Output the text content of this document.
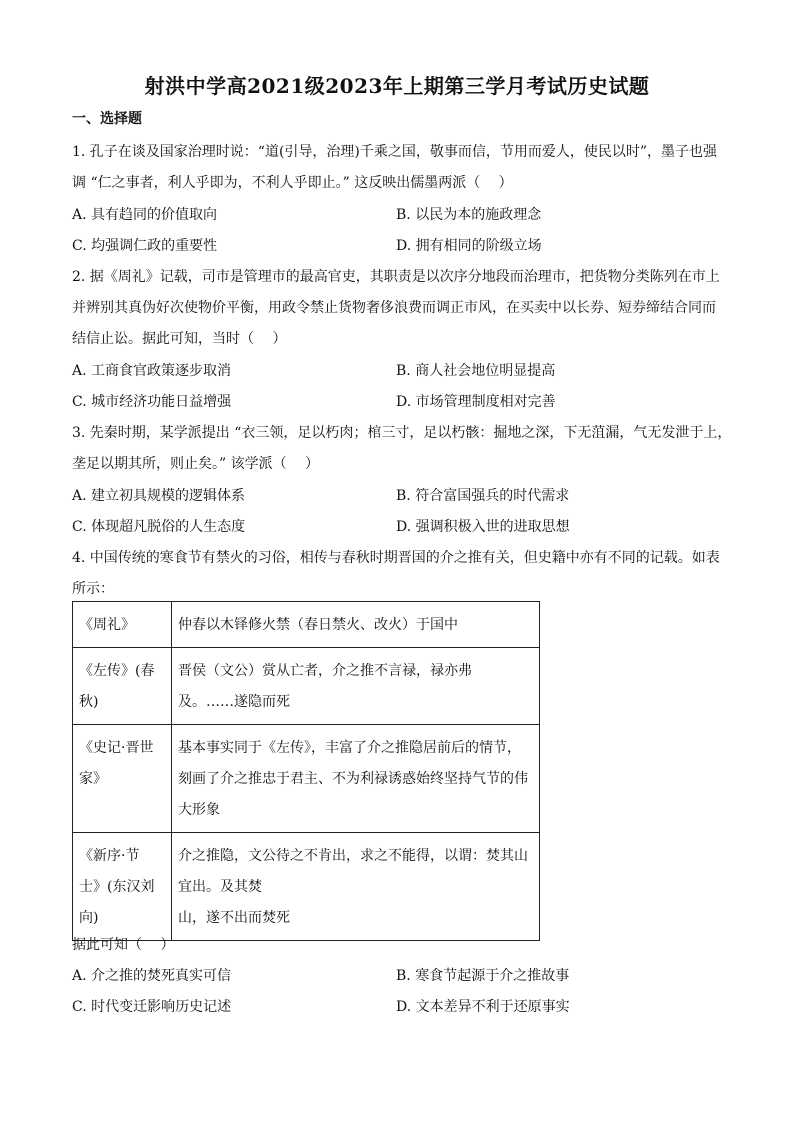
射洪中学高2021级2023年上期第三学月考试历史试题
一、选择题
1. 孔子在谈及国家治理时说：“道(引导，治理)千乘之国，敬事而信，节用而爱人，使民以时”，墨子也强
调 “仁之事者，利人乎即为，不利人乎即止。” 这反映出儒墨两派（　 ）
A. 具有趋同的价值取向	B. 以民为本的施政理念
C. 均强调仁政的重要性	D. 拥有相同的阶级立场
2. 据《周礼》记载，司市是管理市的最高官吏，其职责是以次序分地段而治理市，把货物分类陈列在市上
并辨别其真伪好次使物价平衡，用政令禁止货物奢侈浪费而调正市风，在买卖中以长券、短券缔结合同而
结信止讼。据此可知，当时（　 ）
A. 工商食官政策逐步取消	B. 商人社会地位明显提高
C. 城市经济功能日益增强	D. 市场管理制度相对完善
3. 先秦时期，某学派提出 “衣三领，足以朽肉；棺三寸，足以朽骸：掘地之深，下无菹漏，气无发泄于上，
垄足以期其所，则止矣。” 该学派（　 ）
A. 建立初具规模的逻辑体系	B. 符合富国强兵的时代需求
C. 体现超凡脱俗的人生态度	D. 强调积极入世的进取思想
4. 中国传统的寒食节有禁火的习俗，相传与春秋时期晋国的介之推有关，但史籍中亦有不同的记载。如表
所示：
《周礼》	仲春以木铎修火禁（春日禁火、改火）于国中

《左传》(春
秋)	晋侯（文公）赏从亡者，介之推不言禄，禄亦弗
及。……遂隐而死

《史记·晋世
家》	基本事实同于《左传》，丰富了介之推隐居前后的情节，
刻画了介之推忠于君主、不为利禄诱惑始终坚持气节的伟
大形象

《新序·节
士》(东汉刘
向)	介之推隐，文公待之不肯出，求之不能得，以谓：焚其山
宜出。及其焚
山，遂不出而焚死
据此可知（　 ）
A. 介之推的焚死真实可信	B. 寒食节起源于介之推故事
C. 时代变迁影响历史记述	D. 文本差异不利于还原事实
